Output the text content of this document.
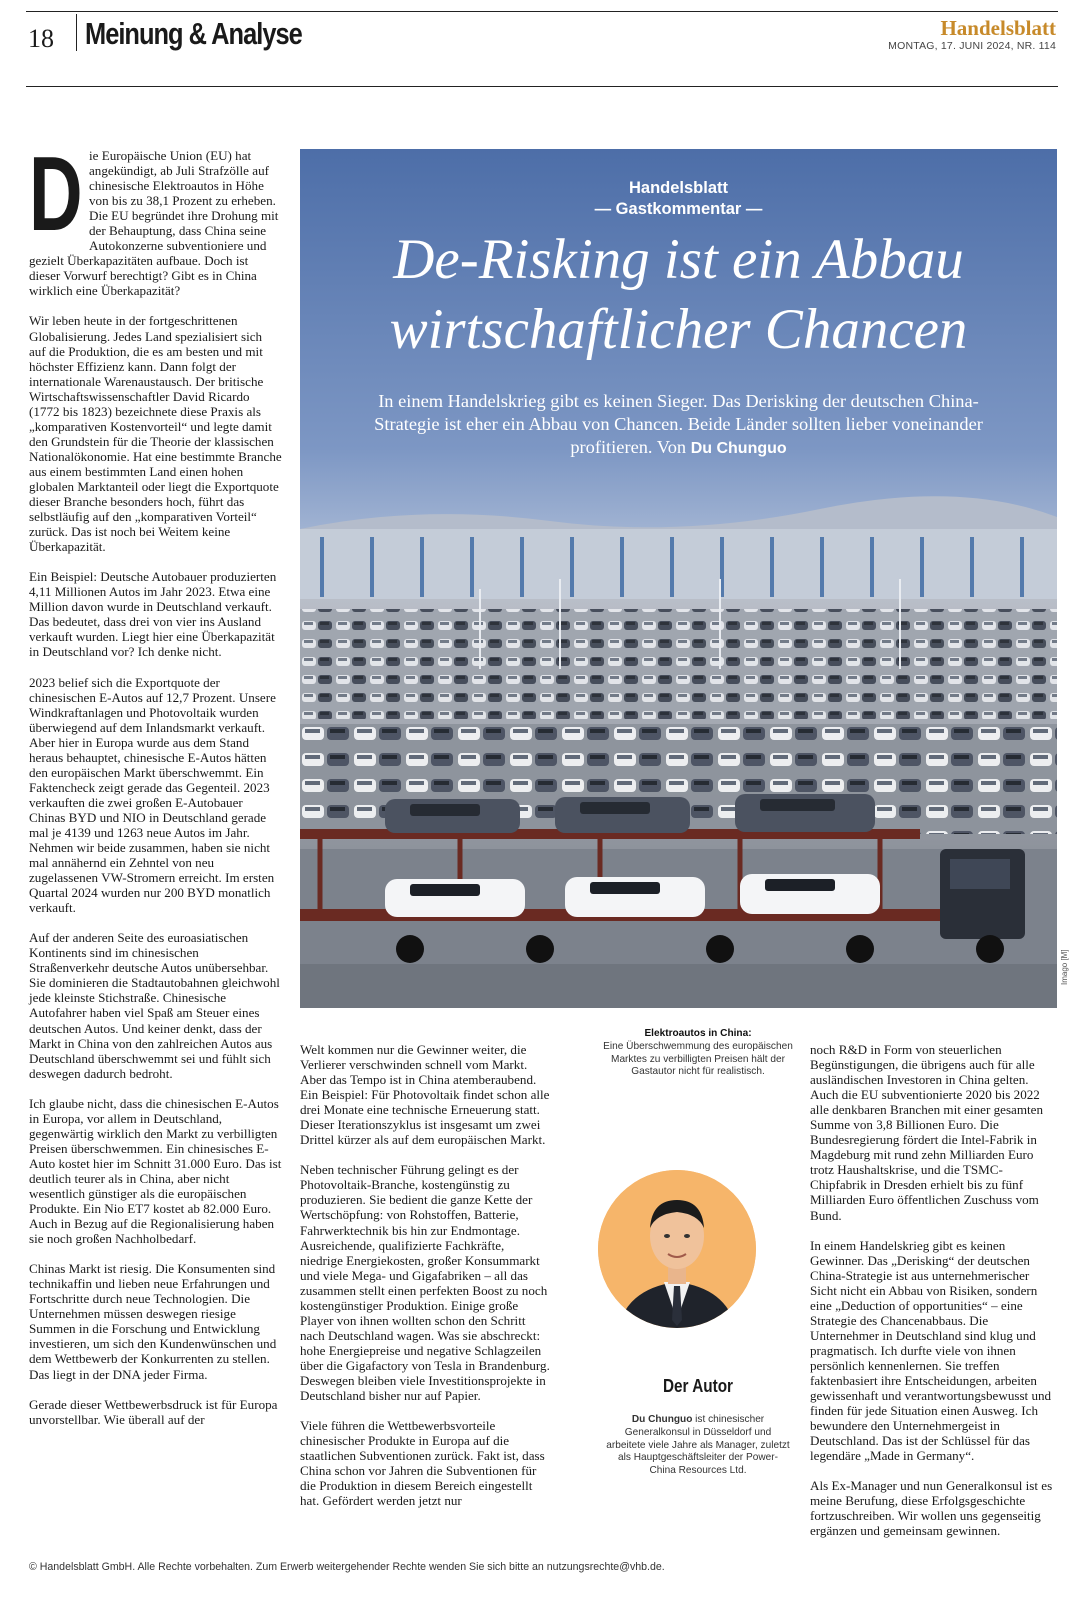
18 Meinung & Analyse	Handelsblatt
MONTAG, 17. JUNI 2024, NR. 114
D ie Europäische Union (EU) hat angekündigt, ab Juli Strafzölle auf chinesische Elektroautos in Höhe von bis zu 38,1 Prozent zu erheben. Die EU begründet ihre Drohung mit der Behauptung, dass China seine Autokonzerne subventioniere und gezielt Überkapazitäten aufbaue. Doch ist dieser Vorwurf berechtigt? Gibt es in China wirklich eine Überkapazität?

Wir leben heute in der fortgeschrittenen Globalisierung. Jedes Land spezialisiert sich auf die Produktion, die es am besten und mit höchster Effizienz kann. Dann folgt der internationale Warenaustausch. Der britische Wirtschaftswissenschaftler David Ricardo (1772 bis 1823) bezeichnete diese Praxis als „komparativen Kostenvorteil“ und legte damit den Grundstein für die Theorie der klassischen Nationalökonomie. Hat eine bestimmte Branche aus einem bestimmten Land einen hohen globalen Marktanteil oder liegt die Exportquote dieser Branche besonders hoch, führt das selbstläufig auf den „komparativen Vorteil“ zurück. Das ist noch bei Weitem keine Überkapazität.

Ein Beispiel: Deutsche Autobauer produzierten 4,11 Millionen Autos im Jahr 2023. Etwa eine Million davon wurde in Deutschland verkauft. Das bedeutet, dass drei von vier ins Ausland verkauft wurden. Liegt hier eine Überkapazität in Deutschland vor? Ich denke nicht.

2023 belief sich die Exportquote der chinesischen E-Autos auf 12,7 Prozent. Unsere Windkraftanlagen und Photovoltaik wurden überwiegend auf dem Inlandsmarkt verkauft. Aber hier in Europa wurde aus dem Stand heraus behauptet, chinesische E-Autos hätten den europäischen Markt überschwemmt. Ein Faktencheck zeigt gerade das Gegenteil. 2023 verkauften die zwei großen E-Autobauer Chinas BYD und NIO in Deutschland gerade mal je 4139 und 1263 neue Autos im Jahr. Nehmen wir beide zusammen, haben sie nicht mal annähernd ein Zehntel von neu zugelassenen VW-Stromern erreicht. Im ersten Quartal 2024 wurden nur 200 BYD monatlich verkauft.

Auf der anderen Seite des euroasiatischen Kontinents sind im chinesischen Straßenverkehr deutsche Autos unübersehbar. Sie dominieren die Stadtautobahnen gleichwohl jede kleinste Stichstraße. Chinesische Autofahrer haben viel Spaß am Steuer eines deutschen Autos. Und keiner denkt, dass der Markt in China von den zahlreichen Autos aus Deutschland überschwemmt sei und fühlt sich deswegen dadurch bedroht.

Ich glaube nicht, dass die chinesischen E-Autos in Europa, vor allem in Deutschland, gegenwärtig wirklich den Markt zu verbilligten Preisen überschwemmen. Ein chinesisches E-Auto kostet hier im Schnitt 31.000 Euro. Das ist deutlich teurer als in China, aber nicht wesentlich günstiger als die europäischen Produkte. Ein Nio ET7 kostet ab 82.000 Euro. Auch in Bezug auf die Regionalisierung haben sie noch großen Nachholbedarf.

Chinas Markt ist riesig. Die Konsumenten sind technikaffin und lieben neue Erfahrungen und Fortschritte durch neue Technologien. Die Unternehmen müssen deswegen riesige Summen in die Forschung und Entwicklung investieren, um sich den Kundenwünschen und dem Wettbewerb der Konkurrenten zu stellen. Das liegt in der DNA jeder Firma.

Gerade dieser Wettbewerbsdruck ist für Europa unvorstellbar. Wie überall auf der

Handelsblatt
— Gastkommentar —
De-Risking ist ein Abbau
wirtschaftlicher Chancen
In einem Handelskrieg gibt es keinen Sieger. Das Derisking der deutschen China-Strategie ist eher ein Abbau von Chancen. Beide Länder sollten lieber voneinander profitieren. Von Du Chunguo
Imago [M]

Welt kommen nur die Gewinner weiter, die Verlierer verschwinden schnell vom Markt. Aber das Tempo ist in China atemberaubend. Ein Beispiel: Für Photovoltaik findet schon alle drei Monate eine technische Erneuerung statt. Dieser Iterationszyklus ist insgesamt um zwei Drittel kürzer als auf dem europäischen Markt.

Neben technischer Führung gelingt es der Photovoltaik-Branche, kostengünstig zu produzieren. Sie bedient die ganze Kette der Wertschöpfung: von Rohstoffen, Batterie, Fahrwerktechnik bis hin zur Endmontage. Ausreichende, qualifizierte Fachkräfte, niedrige Energiekosten, großer Konsummarkt und viele Mega- und Gigafabriken – all das zusammen stellt einen perfekten Boost zu noch kostengünstiger Produktion. Einige große Player von ihnen wollten schon den Schritt nach Deutschland wagen. Was sie abschreckt: hohe Energiepreise und negative Schlagzeilen über die Gigafactory von Tesla in Brandenburg. Deswegen bleiben viele Investitionsprojekte in Deutschland bisher nur auf Papier.

Viele führen die Wettbewerbsvorteile chinesischer Produkte in Europa auf die staatlichen Subventionen zurück. Fakt ist, dass China schon vor Jahren die Subventionen für die Produktion in diesem Bereich eingestellt hat. Gefördert werden jetzt nur

Elektroautos in China:
Eine Überschwemmung des europäischen Marktes zu verbilligten Preisen hält der Gastautor nicht für realistisch.
Der Autor
Du Chunguo ist chinesischer Generalkonsul in Düsseldorf und arbeitete viele Jahre als Manager, zuletzt als Hauptgeschäftsleiter der Power-China Resources Ltd.

noch R&D in Form von steuerlichen Begünstigungen, die übrigens auch für alle ausländischen Investoren in China gelten. Auch die EU subventionierte 2020 bis 2022 alle denkbaren Branchen mit einer gesamten Summe von 3,8 Billionen Euro. Die Bundesregierung fördert die Intel-Fabrik in Magdeburg mit rund zehn Milliarden Euro trotz Haushaltskrise, und die TSMC-Chipfabrik in Dresden erhielt bis zu fünf Milliarden Euro öffentlichen Zuschuss vom Bund.

In einem Handelskrieg gibt es keinen Gewinner. Das „Derisking“ der deutschen China-Strategie ist aus unternehmerischer Sicht nicht ein Abbau von Risiken, sondern eine „Deduction of opportunities“ – eine Strategie des Chancenabbaus. Die Unternehmer in Deutschland sind klug und pragmatisch. Ich durfte viele von ihnen persönlich kennenlernen. Sie treffen faktenbasiert ihre Entscheidungen, arbeiten gewissenhaft und verantwortungsbewusst und finden für jede Situation einen Ausweg. Ich bewundere den Unternehmergeist in Deutschland. Das ist der Schlüssel für das legendäre „Made in Germany“.

Als Ex-Manager und nun Generalkonsul ist es meine Berufung, diese Erfolgsgeschichte fortzuschreiben. Wir wollen uns gegenseitig ergänzen und gemeinsam gewinnen.

© Handelsblatt GmbH. Alle Rechte vorbehalten. Zum Erwerb weitergehender Rechte wenden Sie sich bitte an nutzungsrechte@vhb.de.
